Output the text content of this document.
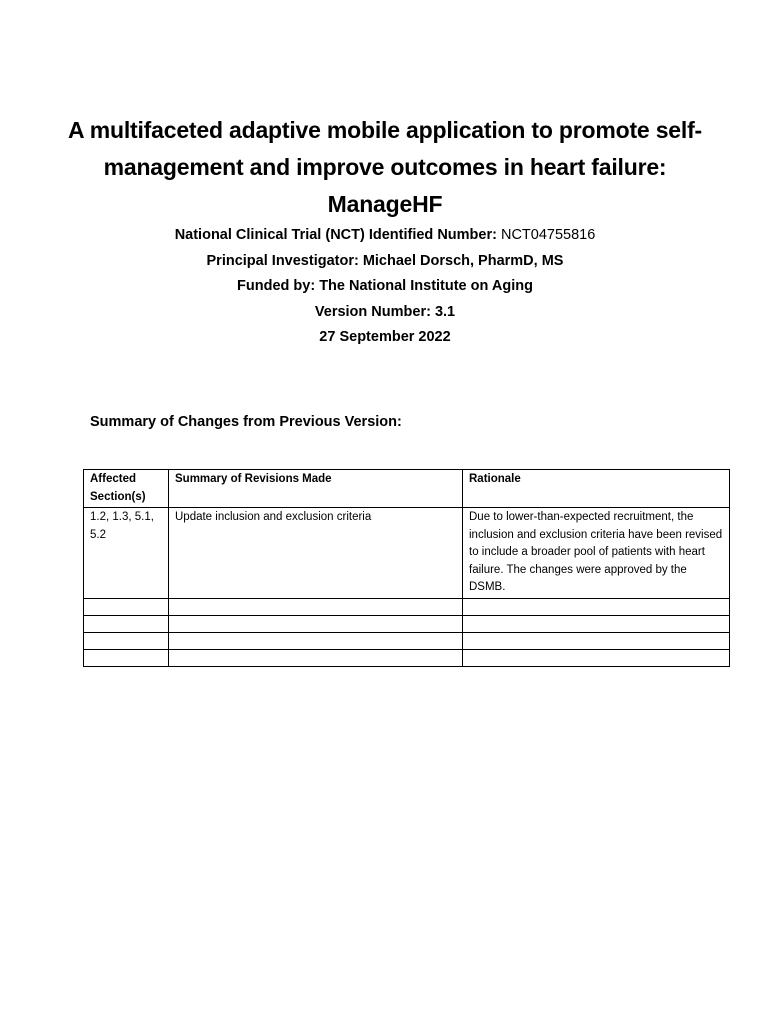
A multifaceted adaptive mobile application to promote self-management and improve outcomes in heart failure: ManageHF
National Clinical Trial (NCT) Identified Number: NCT04755816
Principal Investigator: Michael Dorsch, PharmD, MS
Funded by: The National Institute on Aging
Version Number: 3.1
27 September 2022
Summary of Changes from Previous Version:
Affected Section(s)	Summary of Revisions Made	Rationale
1.2, 1.3, 5.1, 5.2	Update inclusion and exclusion criteria	Due to lower-than-expected recruitment, the inclusion and exclusion criteria have been revised to include a broader pool of patients with heart failure. The changes were approved by the DSMB.
